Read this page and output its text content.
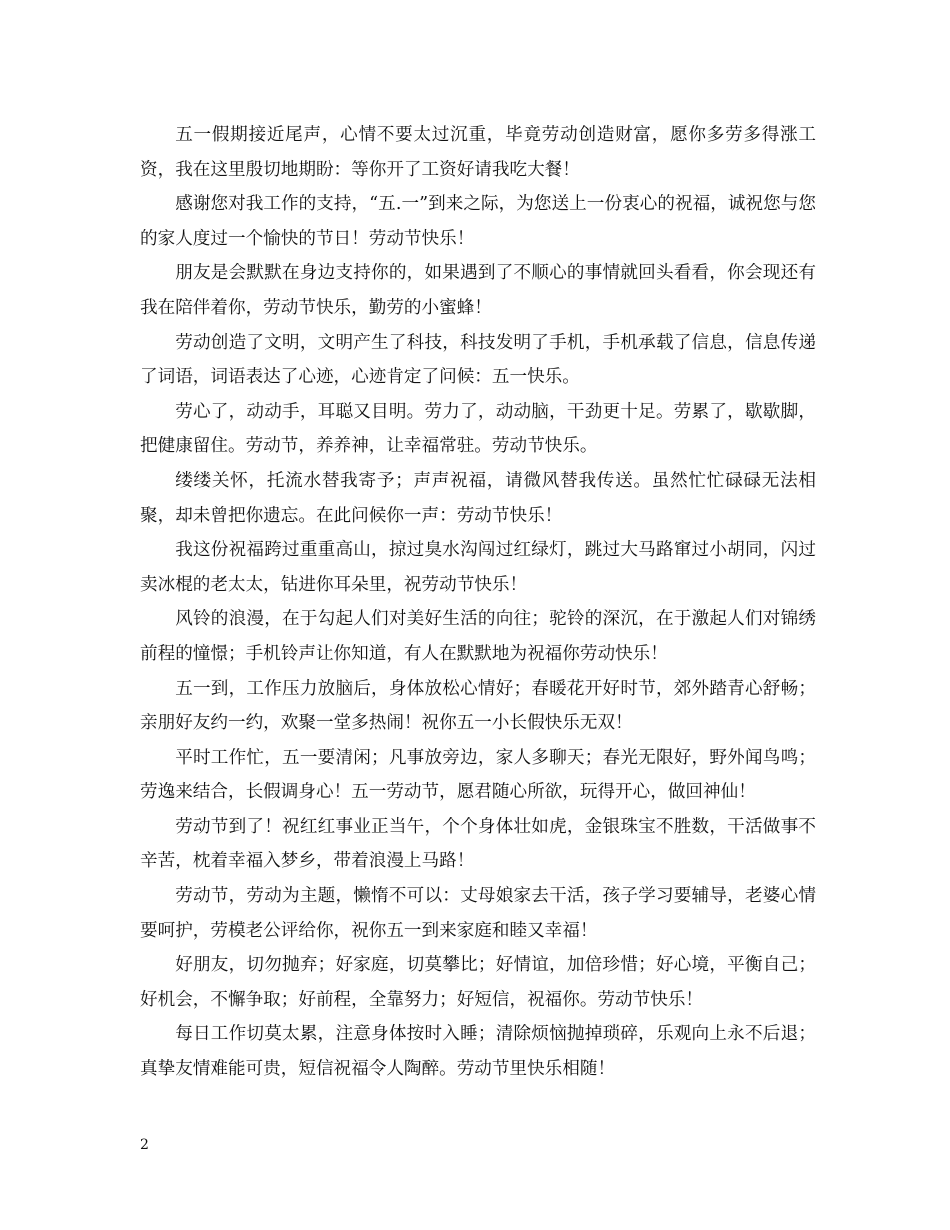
五一假期接近尾声，心情不要太过沉重，毕竟劳动创造财富，愿你多劳多得涨工资，我在这里殷切地期盼：等你开了工资好请我吃大餐！

感谢您对我工作的支持，“五.一”到来之际，为您送上一份衷心的祝福，诚祝您与您的家人度过一个愉快的节日！劳动节快乐！

朋友是会默默在身边支持你的，如果遇到了不顺心的事情就回头看看，你会现还有我在陪伴着你，劳动节快乐，勤劳的小蜜蜂！

劳动创造了文明，文明产生了科技，科技发明了手机，手机承载了信息，信息传递了词语，词语表达了心迹，心迹肯定了问候：五一快乐。

劳心了，动动手，耳聪又目明。劳力了，动动脑，干劲更十足。劳累了，歇歇脚，把健康留住。劳动节，养养神，让幸福常驻。劳动节快乐。

缕缕关怀，托流水替我寄予；声声祝福，请微风替我传送。虽然忙忙碌碌无法相聚，却未曾把你遗忘。在此问候你一声：劳动节快乐！

我这份祝福跨过重重高山，掠过臭水沟闯过红绿灯，跳过大马路窜过小胡同，闪过卖冰棍的老太太，钻进你耳朵里，祝劳动节快乐！

风铃的浪漫，在于勾起人们对美好生活的向往；驼铃的深沉，在于激起人们对锦绣前程的憧憬；手机铃声让你知道，有人在默默地为祝福你劳动快乐！

五一到，工作压力放脑后，身体放松心情好；春暖花开好时节，郊外踏青心舒畅；亲朋好友约一约，欢聚一堂多热闹！祝你五一小长假快乐无双！

平时工作忙，五一要清闲；凡事放旁边，家人多聊天；春光无限好，野外闻鸟鸣；劳逸来结合，长假调身心！五一劳动节，愿君随心所欲，玩得开心，做回神仙！

劳动节到了！祝红红事业正当午，个个身体壮如虎，金银珠宝不胜数，干活做事不辛苦，枕着幸福入梦乡，带着浪漫上马路！

劳动节，劳动为主题，懒惰不可以：丈母娘家去干活，孩子学习要辅导，老婆心情要呵护，劳模老公评给你，祝你五一到来家庭和睦又幸福！

好朋友，切勿抛弃；好家庭，切莫攀比；好情谊，加倍珍惜；好心境，平衡自己；好机会，不懈争取；好前程，全靠努力；好短信，祝福你。劳动节快乐！

每日工作切莫太累，注意身体按时入睡；清除烦恼抛掉琐碎，乐观向上永不后退；真挚友情难能可贵，短信祝福令人陶醉。劳动节里快乐相随！

2
